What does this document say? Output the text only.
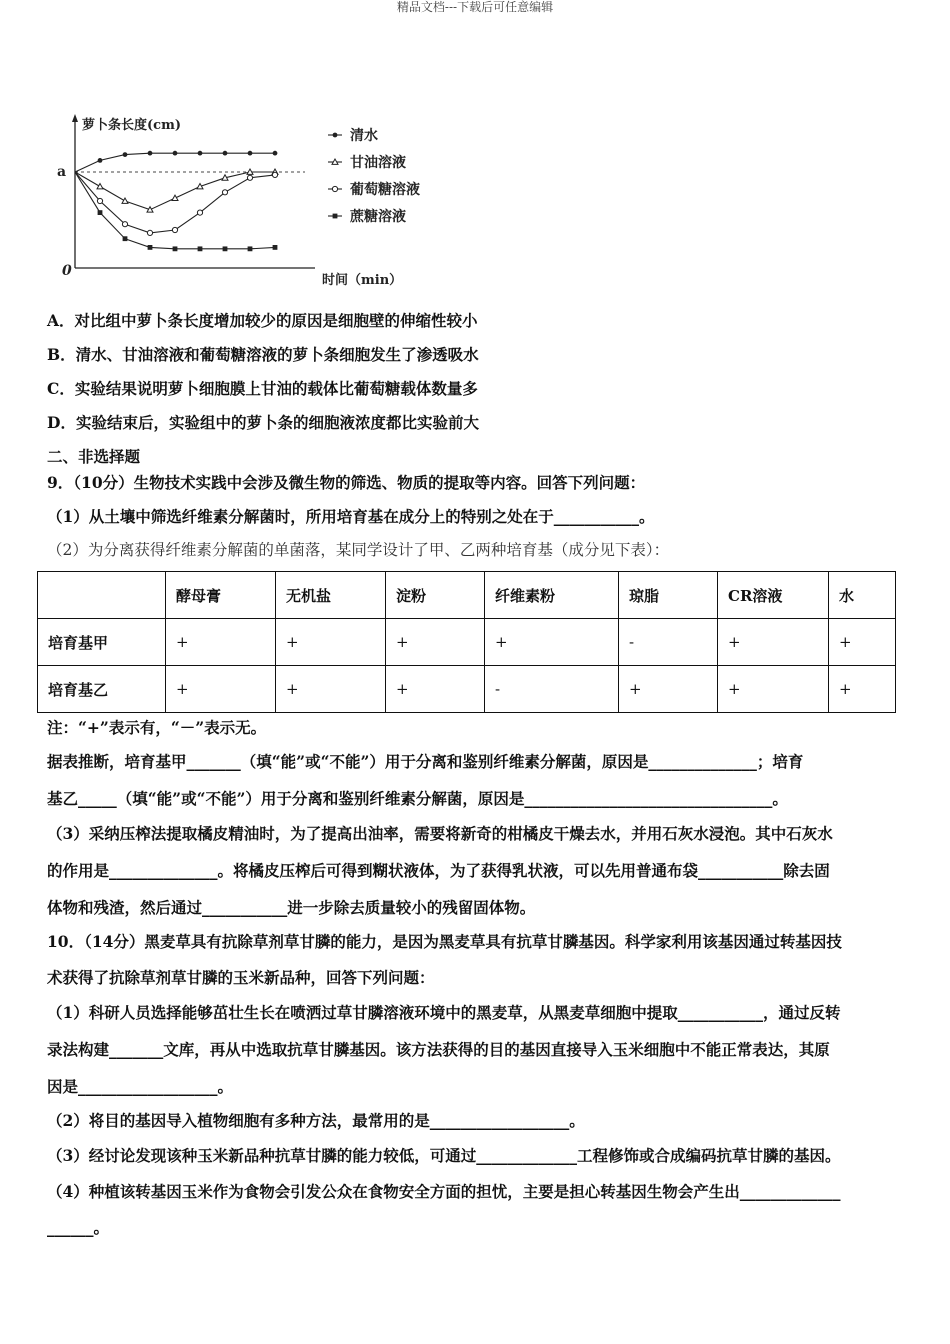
精品文档---下载后可任意编辑
萝卜条长度(cm)
时间（min）
a
0
清水
甘油溶液
葡萄糖溶液
蔗糖溶液
A．对比组中萝卜条长度增加较少的原因是细胞壁的伸缩性较小
B．清水、甘油溶液和葡萄糖溶液的萝卜条细胞发生了渗透吸水
C．实验结果说明萝卜细胞膜上甘油的载体比葡萄糖载体数量多
D．实验结束后，实验组中的萝卜条的细胞液浓度都比实验前大
二、非选择题
9．（10分）生物技术实践中会涉及微生物的筛选、物质的提取等内容。回答下列问题：
（1）从土壤中筛选纤维素分解菌时，所用培育基在成分上的特别之处在于___________。
（2）为分离获得纤维素分解菌的单菌落，某同学设计了甲、乙两种培育基（成分见下表）：
	酵母膏	无机盐	淀粉	纤维素粉	琼脂	CR溶液	水
培育基甲	+	+	+	+	-	+	+
培育基乙	+	+	+	-	+	+	+
注：“+”表示有，“－”表示无。
据表推断，培育基甲_______（填“能”或“不能”）用于分离和鉴别纤维素分解菌，原因是______________；培育
基乙_____（填“能”或“不能”）用于分离和鉴别纤维素分解菌，原因是________________________________。
（3）采纳压榨法提取橘皮精油时，为了提高出油率，需要将新奇的柑橘皮干燥去水，并用石灰水浸泡。其中石灰水
的作用是______________。将橘皮压榨后可得到糊状液体，为了获得乳状液，可以先用普通布袋___________除去固
体物和残渣，然后通过___________进一步除去质量较小的残留固体物。
10．（14分）黑麦草具有抗除草剂草甘膦的能力，是因为黑麦草具有抗草甘膦基因。科学家利用该基因通过转基因技
术获得了抗除草剂草甘膦的玉米新品种，回答下列问题：
（1）科研人员选择能够茁壮生长在喷洒过草甘膦溶液环境中的黑麦草，从黑麦草细胞中提取___________，通过反转
录法构建_______文库，再从中选取抗草甘膦基因。该方法获得的目的基因直接导入玉米细胞中不能正常表达，其原
因是__________________。
（2）将目的基因导入植物细胞有多种方法，最常用的是__________________。
（3）经讨论发现该种玉米新品种抗草甘膦的能力较低，可通过_____________工程修饰或合成编码抗草甘膦的基因。
（4）种植该转基因玉米作为食物会引发公众在食物安全方面的担忧，主要是担心转基因生物会产生出_____________
______。
